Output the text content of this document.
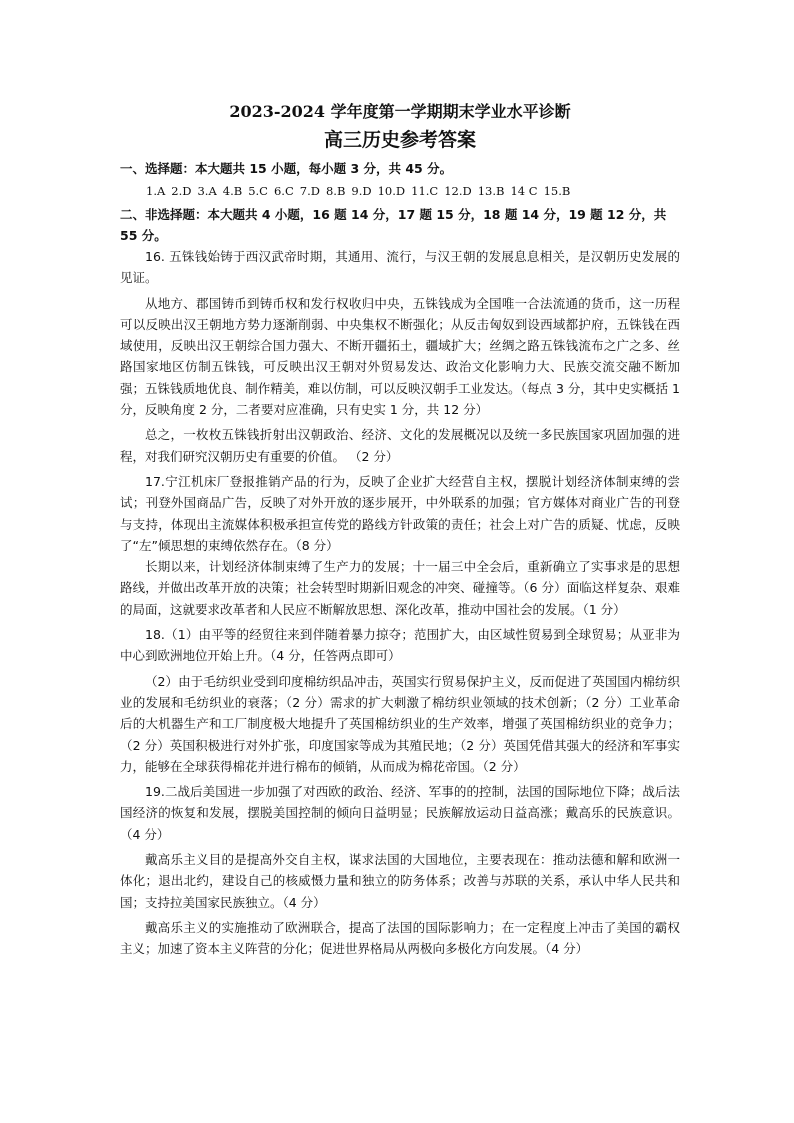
2023-2024 学年度第一学期期末学业水平诊断
高三历史参考答案

一、选择题：本大题共 15 小题，每小题 3 分，共 45 分。

1.A 2.D 3.A 4.B 5.C 6.C 7.D 8.B 9.D 10.D 11.C 12.D 13.B 14 C 15.B

二、非选择题：本大题共 4 小题，16 题 14 分，17 题 15 分，18 题 14 分，19 题 12 分，共 55 分。

16. 五铢钱始铸于西汉武帝时期，其通用、流行，与汉王朝的发展息息相关，是汉朝历史发展的见证。

从地方、郡国铸币到铸币权和发行权收归中央，五铢钱成为全国唯一合法流通的货币，这一历程可以反映出汉王朝地方势力逐渐削弱、中央集权不断强化；从反击匈奴到设西域都护府，五铢钱在西域使用，反映出汉王朝综合国力强大、不断开疆拓土，疆域扩大；丝绸之路五铢钱流布之广之多、丝路国家地区仿制五铢钱，可反映出汉王朝对外贸易发达、政治文化影响力大、民族交流交融不断加强；五铢钱质地优良、制作精美，难以仿制，可以反映汉朝手工业发达。（每点 3 分，其中史实概括 1 分，反映角度 2 分，二者要对应准确，只有史实 1 分，共 12 分）

总之，一枚枚五铢钱折射出汉朝政治、经济、文化的发展概况以及统一多民族国家巩固加强的进程，对我们研究汉朝历史有重要的价值。 （2 分）

17.宁江机床厂登报推销产品的行为，反映了企业扩大经营自主权，摆脱计划经济体制束缚的尝试；刊登外国商品广告，反映了对外开放的逐步展开，中外联系的加强；官方媒体对商业广告的刊登与支持，体现出主流媒体积极承担宣传党的路线方针政策的责任；社会上对广告的质疑、忧虑，反映了“左”倾思想的束缚依然存在。（8 分）

长期以来，计划经济体制束缚了生产力的发展；十一届三中全会后，重新确立了实事求是的思想路线，并做出改革开放的决策；社会转型时期新旧观念的冲突、碰撞等。（6 分）面临这样复杂、艰难的局面，这就要求改革者和人民应不断解放思想、深化改革，推动中国社会的发展。（1 分）

18.（1）由平等的经贸往来到伴随着暴力掠夺；范围扩大，由区域性贸易到全球贸易；从亚非为中心到欧洲地位开始上升。（4 分，任答两点即可）

（2）由于毛纺织业受到印度棉纺织品冲击，英国实行贸易保护主义，反而促进了英国国内棉纺织业的发展和毛纺织业的衰落；（2 分）需求的扩大刺激了棉纺织业领域的技术创新；（2 分）工业革命后的大机器生产和工厂制度极大地提升了英国棉纺织业的生产效率，增强了英国棉纺织业的竞争力；（2 分）英国积极进行对外扩张，印度国家等成为其殖民地；（2 分）英国凭借其强大的经济和军事实力，能够在全球获得棉花并进行棉布的倾销，从而成为棉花帝国。（2 分）

19.二战后美国进一步加强了对西欧的政治、经济、军事的的控制，法国的国际地位下降；战后法国经济的恢复和发展，摆脱美国控制的倾向日益明显；民族解放运动日益高涨；戴高乐的民族意识。（4 分）

戴高乐主义目的是提高外交自主权，谋求法国的大国地位，主要表现在：推动法德和解和欧洲一体化；退出北约，建设自己的核威慑力量和独立的防务体系；改善与苏联的关系，承认中华人民共和国；支持拉美国家民族独立。（4 分）

戴高乐主义的实施推动了欧洲联合，提高了法国的国际影响力；在一定程度上冲击了美国的霸权主义；加速了资本主义阵营的分化；促进世界格局从两极向多极化方向发展。（4 分）
